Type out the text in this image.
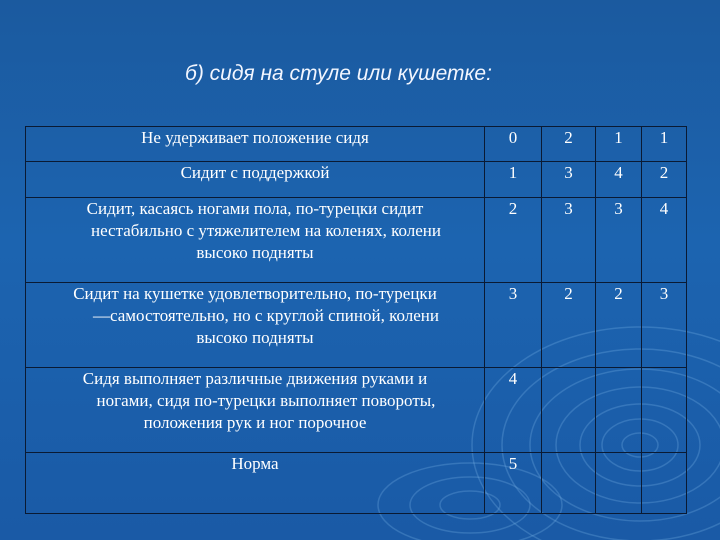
б) сидя на стуле или кушетке:
Не удерживает положение сидя	0	2	1	1

Сидит с поддержкой	1	3	4	2

Сидит, касаясь ногами пола, по-турецки сидит
нестабильно с утяжелителем на коленях, колени
высоко подняты	2	3	3	4

Сидит на кушетке удовлетворительно, по-турецки
—самостоятельно, но с круглой спиной, колени
высоко подняты	3	2	2	3

Сидя выполняет различные движения руками и
ногами, сидя по-турецки выполняет повороты,
положения рук и ног порочное	4			

Норма	5			
